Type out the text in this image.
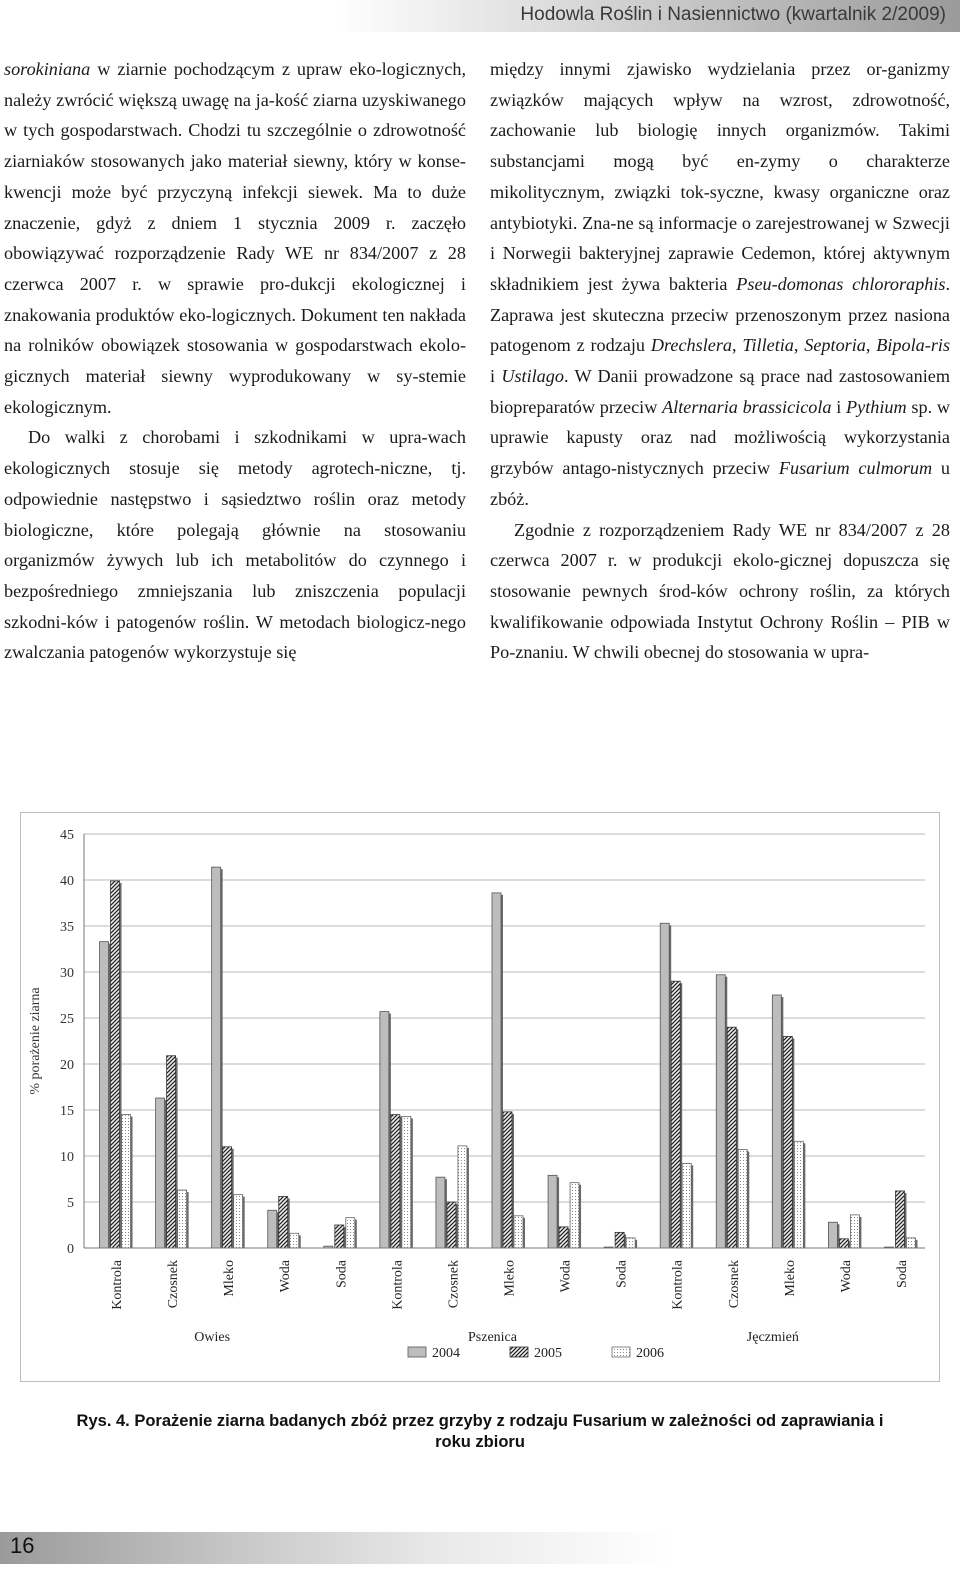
Hodowla Roślin i Nasiennictwo (kwartalnik 2/2009)

sorokiniana w ziarnie pochodzącym z upraw eko-logicznych, należy zwrócić większą uwagę na ja-kość ziarna uzyskiwanego w tych gospodarstwach. Chodzi tu szczególnie o zdrowotność ziarniaków stosowanych jako materiał siewny, który w konse-kwencji może być przyczyną infekcji siewek. Ma to duże znaczenie, gdyż z dniem 1 stycznia 2009 r. zaczęło obowiązywać rozporządzenie Rady WE nr 834/2007 z 28 czerwca 2007 r. w sprawie pro-dukcji ekologicznej i znakowania produktów eko-logicznych. Dokument ten nakłada na rolników obowiązek stosowania w gospodarstwach ekolo-gicznych materiał siewny wyprodukowany w sy-stemie ekologicznym.

Do walki z chorobami i szkodnikami w upra-wach ekologicznych stosuje się metody agrotech-niczne, tj. odpowiednie następstwo i sąsiedztwo roślin oraz metody biologiczne, które polegają głównie na stosowaniu organizmów żywych lub ich metabolitów do czynnego i bezpośredniego zmniejszania lub zniszczenia populacji szkodni-ków i patogenów roślin. W metodach biologicz-nego zwalczania patogenów wykorzystuje się

między innymi zjawisko wydzielania przez or-ganizmy związków mających wpływ na wzrost, zdrowotność, zachowanie lub biologię innych organizmów. Takimi substancjami mogą być en-zymy o charakterze mikolitycznym, związki tok-syczne, kwasy organiczne oraz antybiotyki. Zna-ne są informacje o zarejestrowanej w Szwecji i Norwegii bakteryjnej zaprawie Cedemon, której aktywnym składnikiem jest żywa bakteria Pseu-domonas chlororaphis. Zaprawa jest skuteczna przeciw przenoszonym przez nasiona patogenom z rodzaju Drechslera, Tilletia, Septoria, Bipola-ris i Ustilago. W Danii prowadzone są prace nad zastosowaniem biopreparatów przeciw Alternaria brassicicola i Pythium sp. w uprawie kapusty oraz nad możliwością wykorzystania grzybów antago-nistycznych przeciw Fusarium culmorum u zbóż.

Zgodnie z rozporządzeniem Rady WE nr 834/2007 z 28 czerwca 2007 r. w produkcji ekolo-gicznej dopuszcza się stosowanie pewnych środ-ków ochrony roślin, za których kwalifikowanie odpowiada Instytut Ochrony Roślin – PIB w Po-znaniu. W chwili obecnej do stosowania w upra-

0
5
10
15
20
25
30
35
40
45
% porażenie ziarna
Kontrola	Czosnek	Mleko	Woda	Soda
Owies
Kontrola	Czosnek	Mleko	Woda	Soda
Pszenica
Kontrola	Czosnek	Mleko	Woda	Soda
Jęczmień
2004	2005	2006
Rys. 4. Porażenie ziarna badanych zbóż przez grzyby z rodzaju Fusarium w zależności od zaprawiania i roku zbioru
16
